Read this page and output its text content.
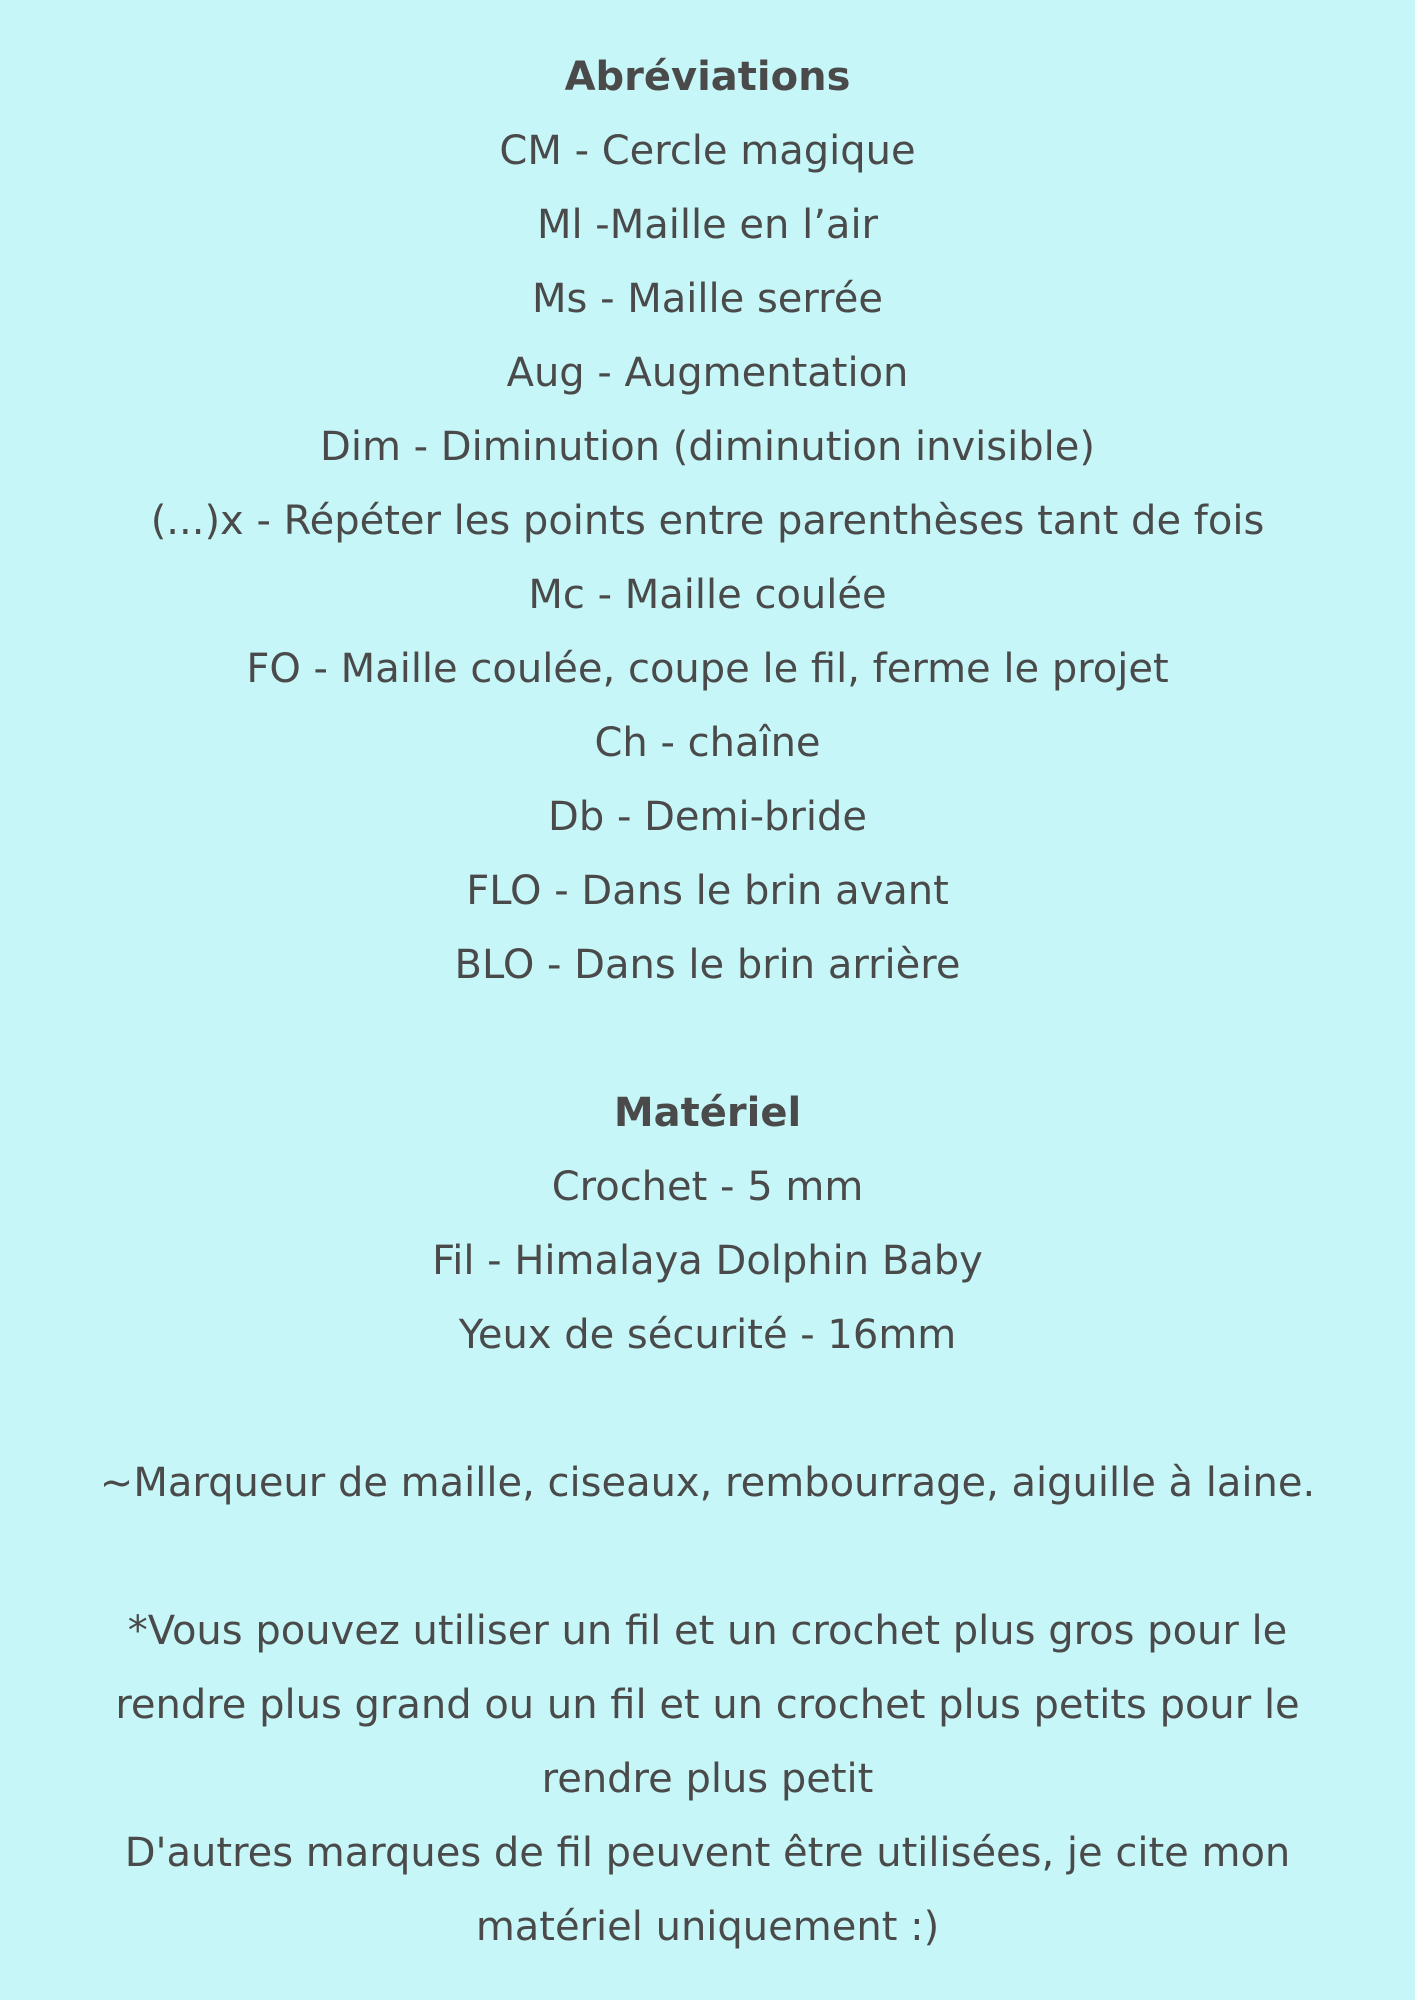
Abréviations

CM - Cercle magique

Ml -Maille en l’air

Ms - Maille serrée

Aug - Augmentation

Dim - Diminution (diminution invisible)

(...)x - Répéter les points entre parenthèses tant de fois

Mc - Maille coulée

FO - Maille coulée, coupe le fil, ferme le projet

Ch - chaîne

Db - Demi-bride

FLO - Dans le brin avant

BLO - Dans le brin arrière

Matériel

Crochet - 5 mm

Fil - Himalaya Dolphin Baby

Yeux de sécurité - 16mm

~Marqueur de maille, ciseaux, rembourrage, aiguille à laine.

*Vous pouvez utiliser un fil et un crochet plus gros pour le rendre plus grand ou un fil et un crochet plus petits pour le rendre plus petit

D'autres marques de fil peuvent être utilisées, je cite mon matériel uniquement :)
